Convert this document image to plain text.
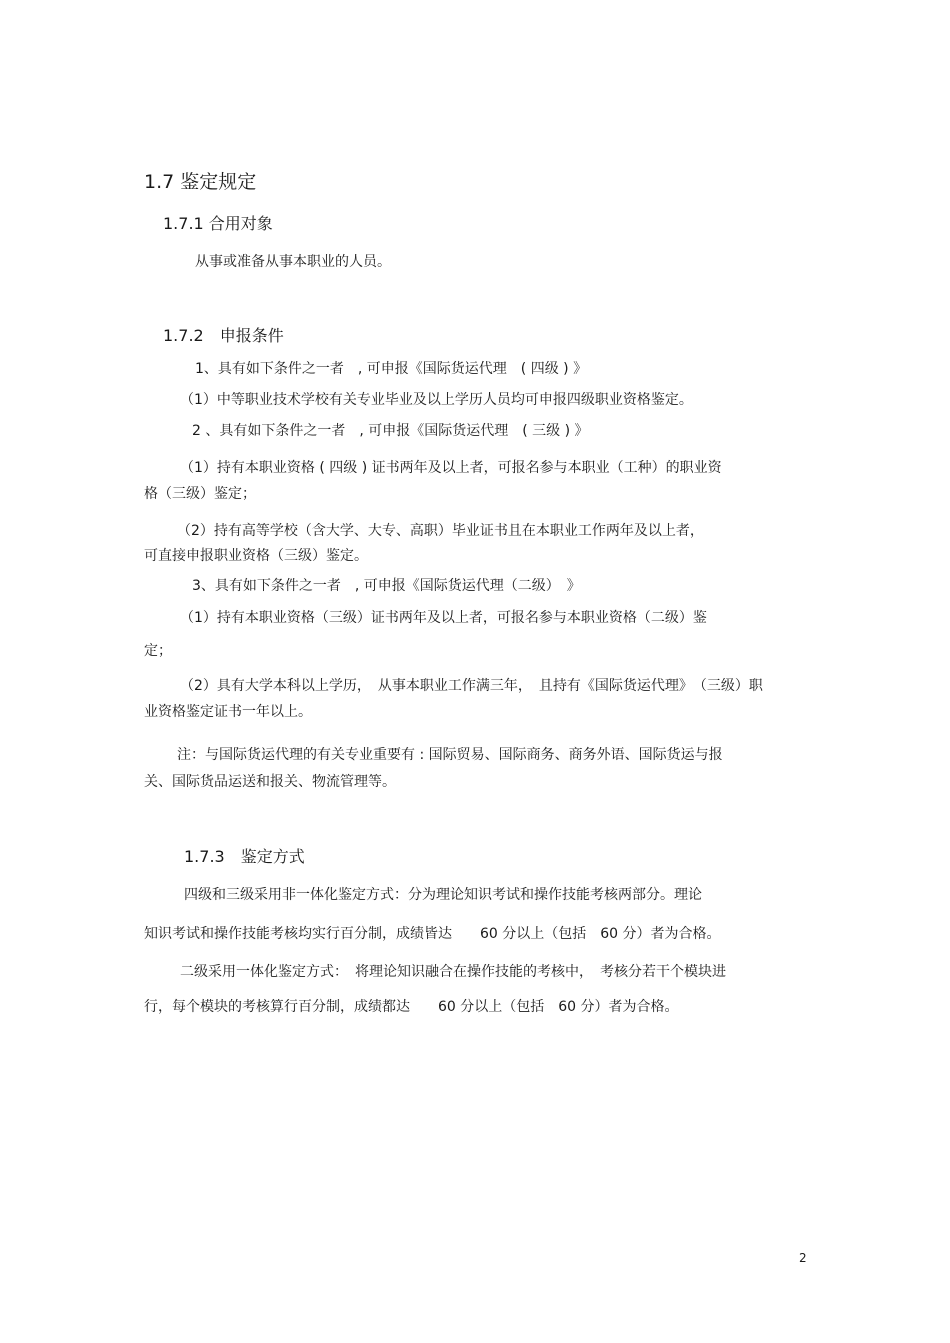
1.7 鉴定规定
1.7.1 合用对象
从事或准备从事本职业的人员。
1.7.2　申报条件
1、具有如下条件之一者　, 可申报《国际货运代理　( 四级 ) 》
（1）中等职业技术学校有关专业毕业及以上学历人员均可申报四级职业资格鉴定。
2 、具有如下条件之一者　, 可申报《国际货运代理　( 三级 ) 》
（1）持有本职业资格 ( 四级 ) 证书两年及以上者，可报名参与本职业（工种）的职业资
格（三级）鉴定；
（2）持有高等学校（含大学、大专、高职）毕业证书且在本职业工作两年及以上者，
可直接申报职业资格（三级）鉴定。
3、具有如下条件之一者　, 可申报《国际货运代理（二级）　》
（1）持有本职业资格（三级）证书两年及以上者，可报名参与本职业资格（二级）鉴
定；
（2）具有大学本科以上学历，　从事本职业工作满三年，　且持有《国际货运代理》　（三级）职
业资格鉴定证书一年以上。
注：与国际货运代理的有关专业重要有 : 国际贸易、国际商务、商务外语、国际货运与报
关、国际货品运送和报关、物流管理等。
1.7.3　鉴定方式
四级和三级采用非一体化鉴定方式：分为理论知识考试和操作技能考核两部分。理论
知识考试和操作技能考核均实行百分制，成绩皆达　　60 分以上（包括　60 分）者为合格。
二级采用一体化鉴定方式：　将理论知识融合在操作技能的考核中，　考核分若干个模块进
行，每个模块的考核算行百分制，成绩都达　　60 分以上（包括　60 分）者为合格。
2
